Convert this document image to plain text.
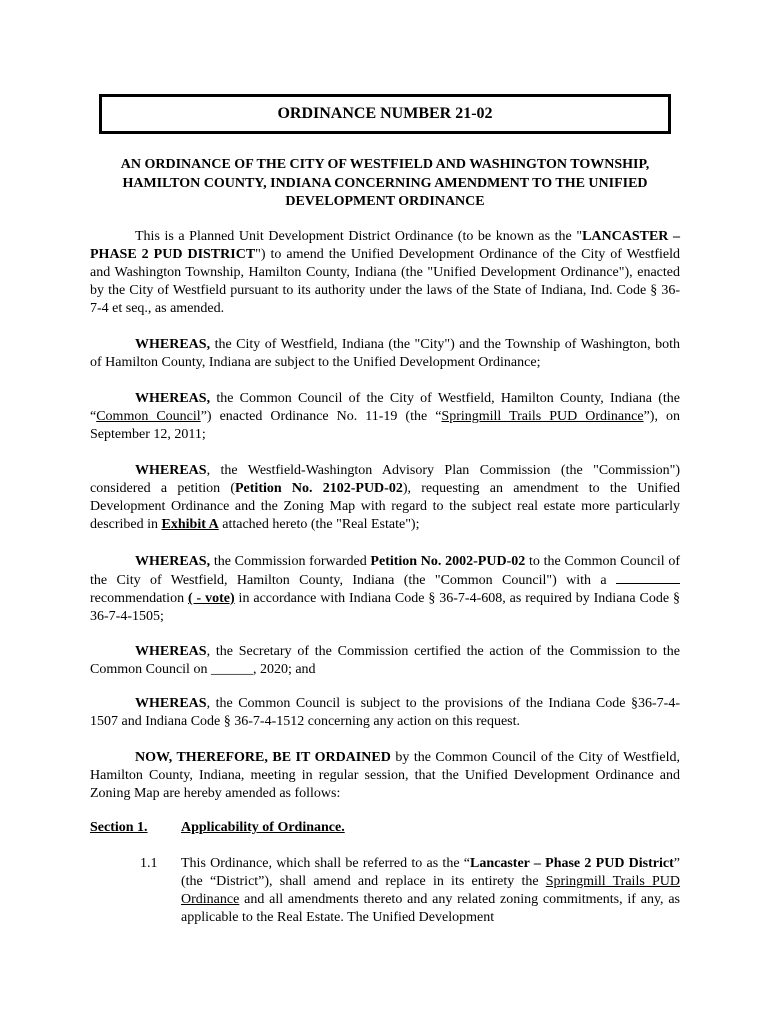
ORDINANCE NUMBER 21-02
AN ORDINANCE OF THE CITY OF WESTFIELD AND WASHINGTON TOWNSHIP, HAMILTON COUNTY, INDIANA CONCERNING AMENDMENT TO THE UNIFIED DEVELOPMENT ORDINANCE

This is a Planned Unit Development District Ordinance (to be known as the "LANCASTER – PHASE 2 PUD DISTRICT") to amend the Unified Development Ordinance of the City of Westfield and Washington Township, Hamilton County, Indiana (the "Unified Development Ordinance"), enacted by the City of Westfield pursuant to its authority under the laws of the State of Indiana, Ind. Code § 36-7-4 et seq., as amended.

WHEREAS, the City of Westfield, Indiana (the "City") and the Township of Washington, both of Hamilton County, Indiana are subject to the Unified Development Ordinance;

WHEREAS, the Common Council of the City of Westfield, Hamilton County, Indiana (the “Common Council”) enacted Ordinance No. 11-19 (the “Springmill Trails PUD Ordinance”), on September 12, 2011;

WHEREAS, the Westfield-Washington Advisory Plan Commission (the "Commission") considered a petition (Petition No. 2102-PUD-02), requesting an amendment to the Unified Development Ordinance and the Zoning Map with regard to the subject real estate more particularly described in Exhibit A attached hereto (the "Real Estate");

WHEREAS, the Commission forwarded Petition No. 2002-PUD-02 to the Common Council of the City of Westfield, Hamilton County, Indiana (the "Common Council") with a  recommendation ( - vote) in accordance with Indiana Code § 36-7-4-608, as required by Indiana Code § 36-7-4-1505;

WHEREAS, the Secretary of the Commission certified the action of the Commission to the Common Council on ______, 2020; and

WHEREAS, the Common Council is subject to the provisions of the Indiana Code §36-7-4-1507 and Indiana Code § 36-7-4-1512 concerning any action on this request.

NOW, THEREFORE, BE IT ORDAINED by the Common Council of the City of Westfield, Hamilton County, Indiana, meeting in regular session, that the Unified Development Ordinance and Zoning Map are hereby amended as follows:

Section 1. Applicability of Ordinance.
1.1 This Ordinance, which shall be referred to as the “Lancaster – Phase 2 PUD District” (the “District”), shall amend and replace in its entirety the Springmill Trails PUD Ordinance and all amendments thereto and any related zoning commitments, if any, as applicable to the Real Estate. The Unified Development
